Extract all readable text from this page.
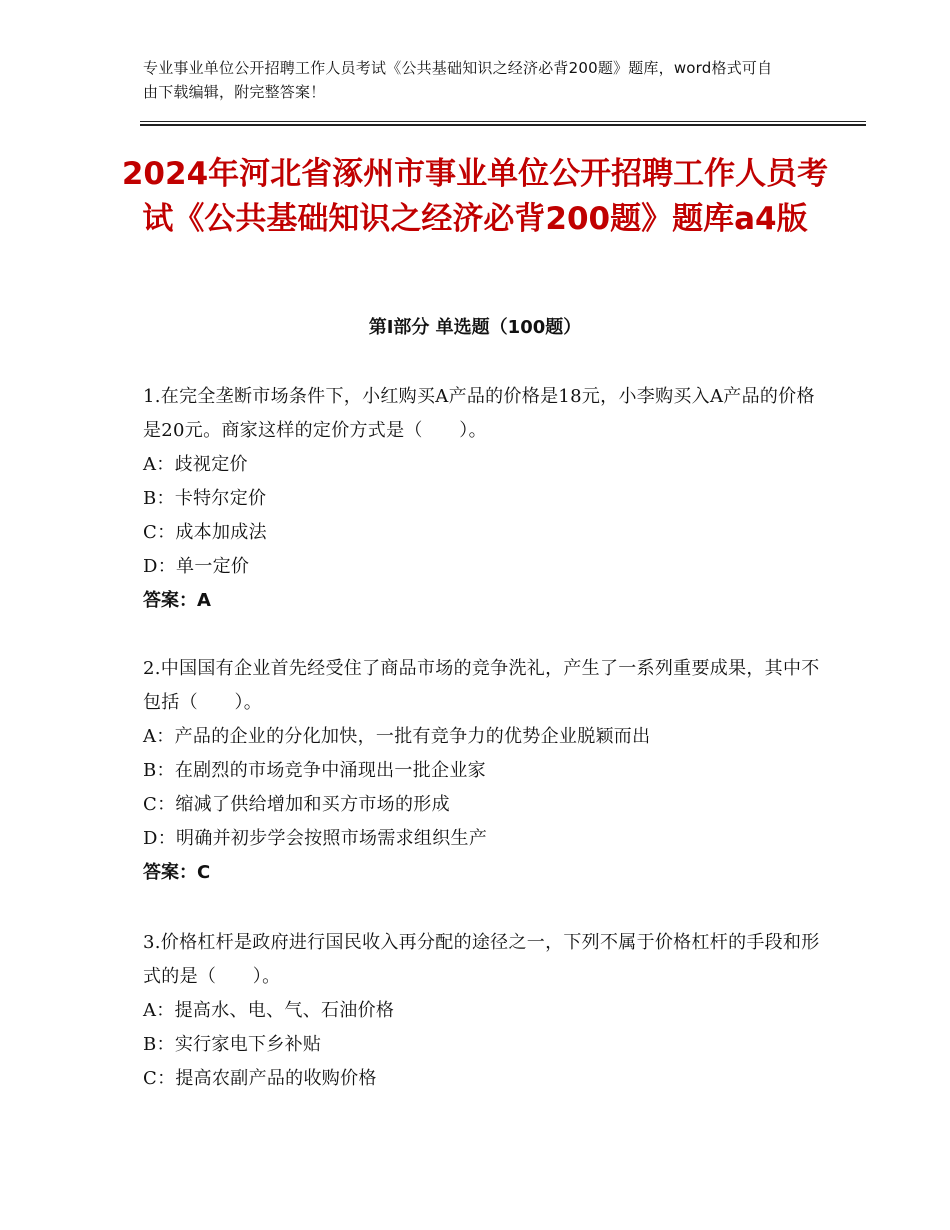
专业事业单位公开招聘工作人员考试《公共基础知识之经济必背200题》题库，word格式可自由下载编辑，附完整答案！
2024年河北省涿州市事业单位公开招聘工作人员考试《公共基础知识之经济必背200题》题库a4版
第Ⅰ部分 单选题（100题）

1.在完全垄断市场条件下，小红购买A产品的价格是18元，小李购买入A产品的价格是20元。商家这样的定价方式是（　　）。

A：歧视定价

B：卡特尔定价

C：成本加成法

D：单一定价

答案：A

2.中国国有企业首先经受住了商品市场的竞争洗礼，产生了一系列重要成果，其中不包括（　　）。

A：产品的企业的分化加快，一批有竞争力的优势企业脱颖而出

B：在剧烈的市场竞争中涌现出一批企业家

C：缩减了供给增加和买方市场的形成

D：明确并初步学会按照市场需求组织生产

答案：C

3.价格杠杆是政府进行国民收入再分配的途径之一，下列不属于价格杠杆的手段和形式的是（　　）。

A：提高水、电、气、石油价格

B：实行家电下乡补贴

C：提高农副产品的收购价格
